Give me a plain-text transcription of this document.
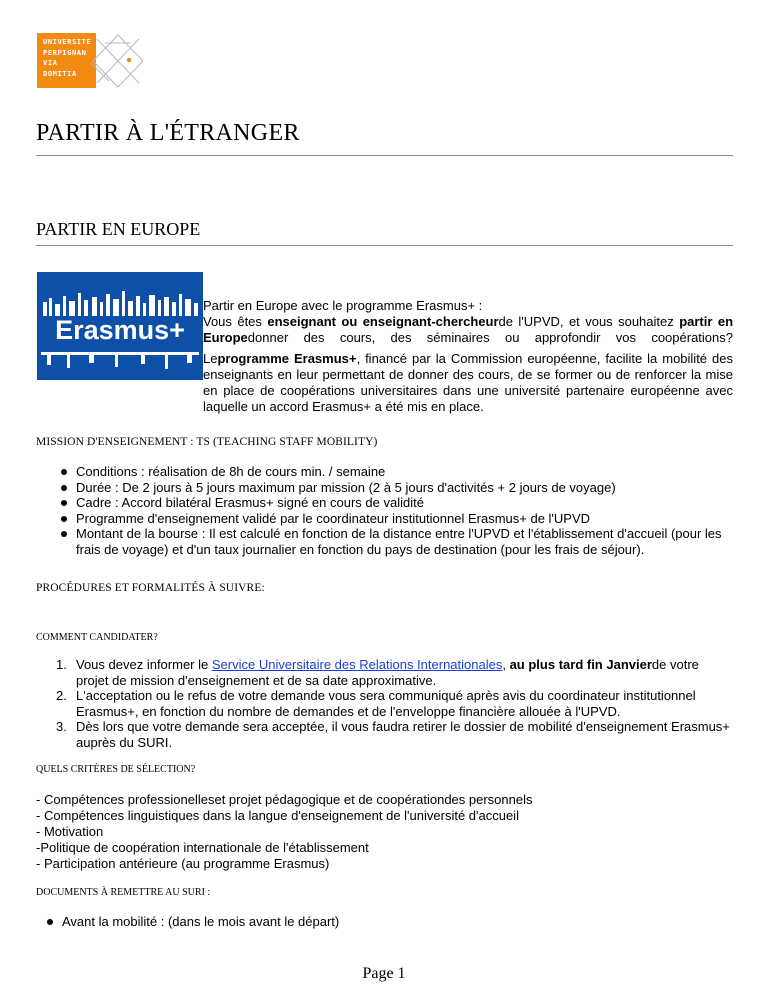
UNIVERSITÉ
PERPIGNAN
VIA
DOMITIA
PARTIR À L'ÉTRANGER
PARTIR EN EUROPE
Erasmus+
Partir en Europe avec le programme Erasmus+ :
Vous êtes enseignant ou enseignant-chercheurde l'UPVD, et vous souhaitez partir en Europedonner des cours, des séminaires ou approfondir vos coopérations?
Leprogramme Erasmus+, financé par la Commission européenne, facilite la mobilité des enseignants en leur permettant de donner des cours, de se former ou de renforcer la mise en place de coopérations universitaires dans une université partenaire européenne avec laquelle un accord Erasmus+ a été mis en place.
MISSION D'ENSEIGNEMENT : TS (TEACHING STAFF MOBILITY)
Conditions : réalisation de 8h de cours min. / semaine
Durée : De 2 jours à 5 jours maximum par mission (2 à 5 jours d'activités + 2 jours de voyage)
Cadre : Accord bilatéral Erasmus+ signé en cours de validité
Programme d'enseignement validé par le coordinateur institutionnel Erasmus+ de l'UPVD
Montant de la bourse : Il est calculé en fonction de la distance entre l'UPVD et l'établissement d'accueil (pour les frais de voyage) et d'un taux journalier en fonction du pays de destination (pour les frais de séjour).
PROCÉDURES ET FORMALITÉS À SUIVRE:
COMMENT CANDIDATER?
1. Vous devez informer le Service Universitaire des Relations Internationales, au plus tard fin Janvierde votre projet de mission d'enseignement et de sa date approximative.
2. L'acceptation ou le refus de votre demande vous sera communiqué après avis du coordinateur institutionnel Erasmus+, en fonction du nombre de demandes et de l'enveloppe financière allouée à l'UPVD.
3. Dès lors que votre demande sera acceptée, il vous faudra retirer le dossier de mobilité d'enseignement Erasmus+ auprès du SURI.
QUELS CRITÈRES DE SÉLECTION?
- Compétences professionelleset projet pédagogique et de coopérationdes personnels
- Compétences linguistiques dans la langue d'enseignement de l'université d'accueil
- Motivation
-Politique de coopération internationale de l'établissement
- Participation antérieure (au programme Erasmus)
DOCUMENTS À REMETTRE AU SURI :
Avant la mobilité : (dans le mois avant le départ)
Page 1
